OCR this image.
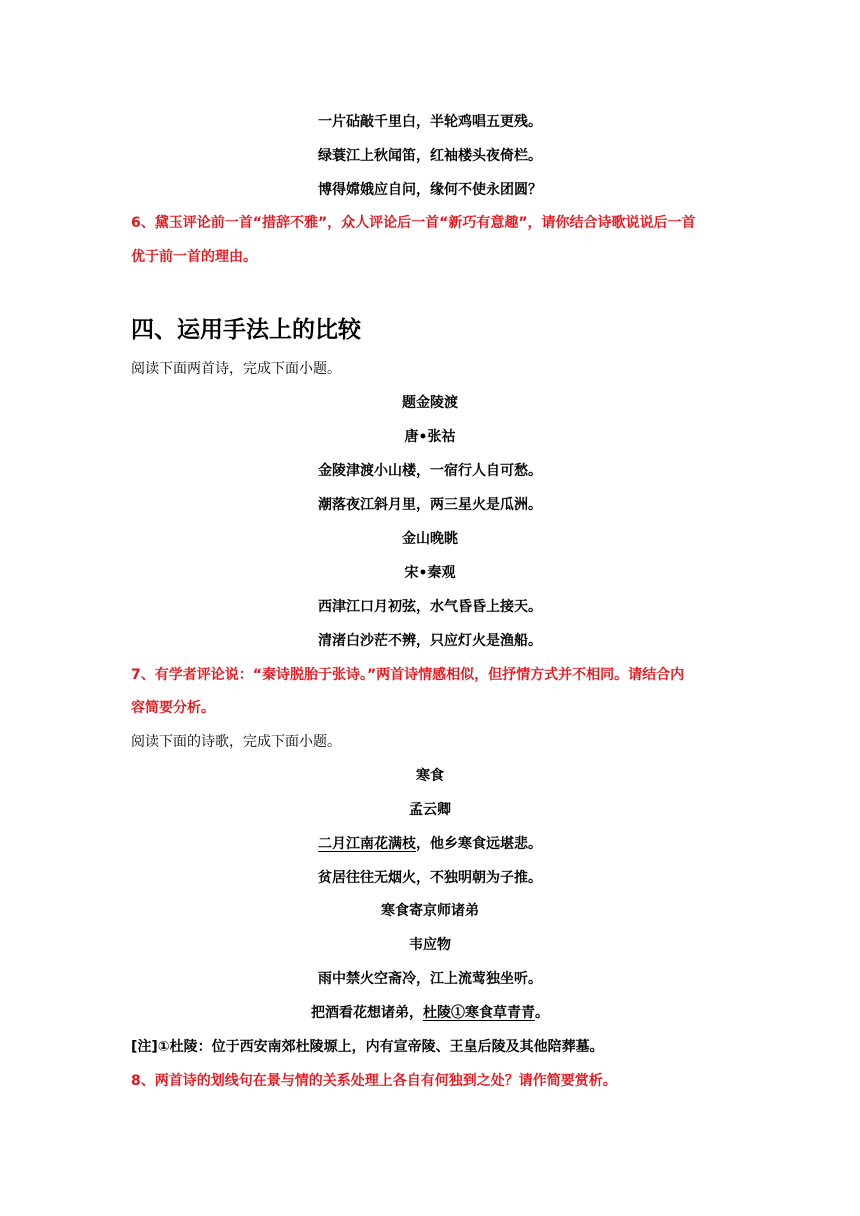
一片砧敲千里白，半轮鸡唱五更残。
绿蓑江上秋闻笛，红袖楼头夜倚栏。
博得嫦娥应自问，缘何不使永团圆？
6、黛玉评论前一首“措辞不雅”，众人评论后一首“新巧有意趣”，请你结合诗歌说说后一首
优于前一首的理由。
四、运用手法上的比较
阅读下面两首诗，完成下面小题。
题金陵渡
唐•张祜
金陵津渡小山楼，一宿行人自可愁。
潮落夜江斜月里，两三星火是瓜洲。
金山晚眺
宋•秦观
西津江口月初弦，水气昏昏上接天。
清渚白沙茫不辨，只应灯火是渔船。
7、有学者评论说：“秦诗脱胎于张诗。”两首诗情感相似，但抒情方式并不相同。请结合内
容简要分析。
阅读下面的诗歌，完成下面小题。
寒食
孟云卿
二月江南花满枝，他乡寒食远堪悲。
贫居往往无烟火，不独明朝为子推。
寒食寄京师诸弟
韦应物
雨中禁火空斋冷，江上流莺独坐听。
把酒看花想诸弟，杜陵①寒食草青青。
[注]①杜陵：位于西安南郊杜陵塬上，内有宣帝陵、王皇后陵及其他陪葬墓。
8、两首诗的划线句在景与情的关系处理上各自有何独到之处？请作简要赏析。
